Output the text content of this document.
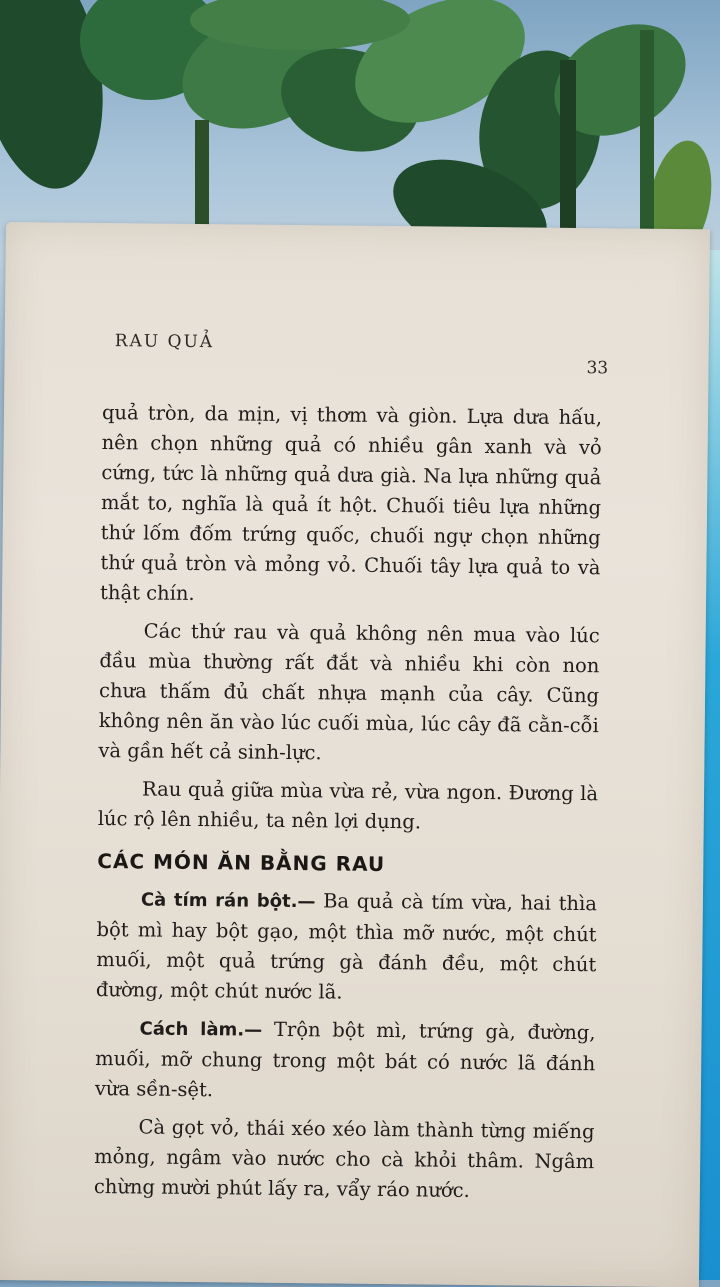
RAU QUẢ
33

quả tròn, da mịn, vị thơm và giòn. Lựa dưa hấu, nên chọn những quả có nhiều gân xanh và vỏ cứng, tức là những quả dưa già. Na lựa những quả mắt to, nghĩa là quả ít hột. Chuối tiêu lựa những thứ lốm đốm trứng quốc, chuối ngự chọn những thứ quả tròn và mỏng vỏ. Chuối tây lựa quả to và thật chín.

Các thứ rau và quả không nên mua vào lúc đầu mùa thường rất đắt và nhiều khi còn non chưa thấm đủ chất nhựa mạnh của cây. Cũng không nên ăn vào lúc cuối mùa, lúc cây đã cằn-cỗi và gần hết cả sinh-lực.

Rau quả giữa mùa vừa rẻ, vừa ngon. Đương là lúc rộ lên nhiều, ta nên lợi dụng.

CÁC MÓN ĂN BẰNG RAU

Cà tím rán bột.— Ba quả cà tím vừa, hai thìa bột mì hay bột gạo, một thìa mỡ nước, một chút muối, một quả trứng gà đánh đều, một chút đường, một chút nước lã.

Cách làm.— Trộn bột mì, trứng gà, đường, muối, mỡ chung trong một bát có nước lã đánh vừa sền-sệt.

Cà gọt vỏ, thái xéo xéo làm thành từng miếng mỏng, ngâm vào nước cho cà khỏi thâm. Ngâm chừng mười phút lấy ra, vẩy ráo nước.
